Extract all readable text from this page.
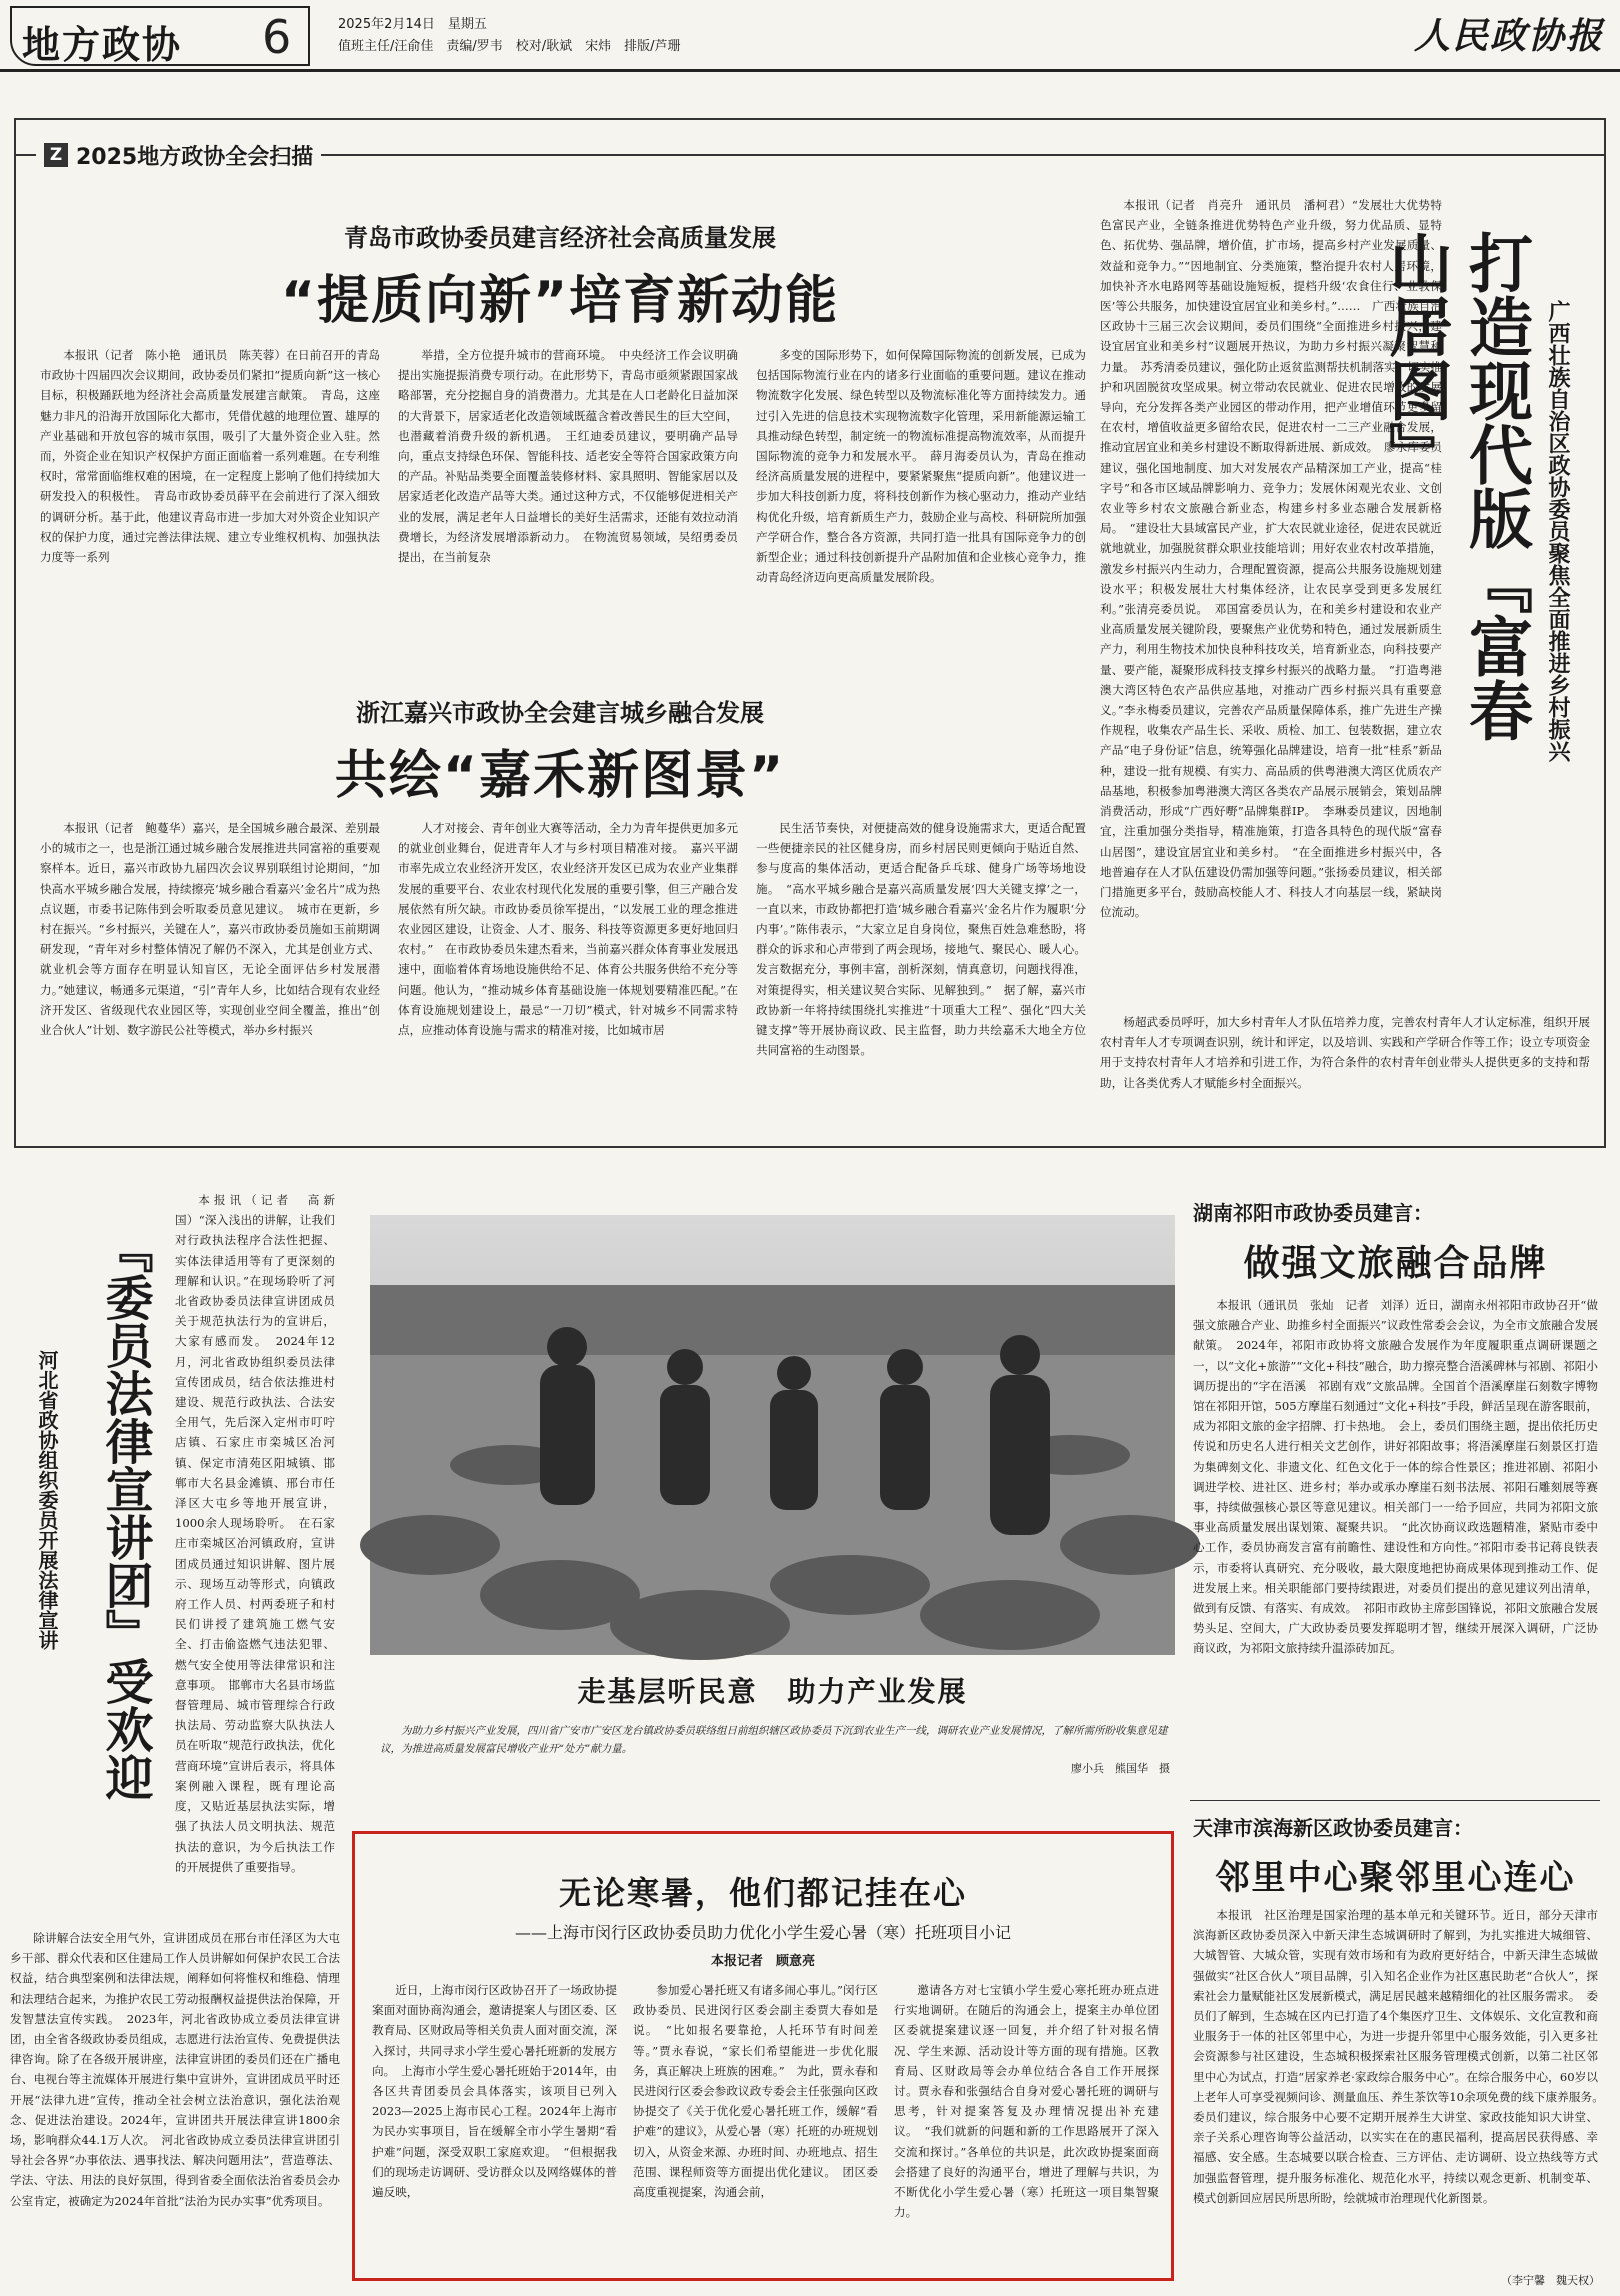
地方政协 6	2025年2月14日　星期五
值班主任/汪俞佳　责编/罗韦　校对/耿斌　宋炜　排版/芦珊	人民政协报
Z 2025地方政协全会扫描
青岛市政协委员建言经济社会高质量发展
“提质向新”培育新动能
本报讯（记者　陈小艳　通讯员　陈芙蓉）在日前召开的青岛市政协十四届四次会议期间，政协委员们紧扣“提质向新”这一核心目标，积极踊跃地为经济社会高质量发展建言献策。　青岛，这座魅力非凡的沿海开放国际化大都市，凭借优越的地理位置、雄厚的产业基础和开放包容的城市氛围，吸引了大量外资企业入驻。然而，外资企业在知识产权保护方面正面临着一系列难题。在专利维权时，常常面临维权难的困境，在一定程度上影响了他们持续加大研发投入的积极性。　青岛市政协委员薛平在会前进行了深入细致的调研分析。基于此，他建议青岛市进一步加大对外资企业知识产权的保护力度，通过完善法律法规、建立专业维权机构、加强执法力度等一系列
举措，全方位提升城市的营商环境。　中央经济工作会议明确提出实施提振消费专项行动。在此形势下，青岛市亟须紧跟国家战略部署，充分挖掘自身的消费潜力。尤其是在人口老龄化日益加深的大背景下，居家适老化改造领域既蕴含着改善民生的巨大空间，也潜藏着消费升级的新机遇。　王红迪委员建议，要明确产品导向，重点支持绿色环保、智能科技、适老安全等符合国家政策方向的产品。补贴品类要全面覆盖装修材料、家具照明、智能家居以及居家适老化改造产品等大类。通过这种方式，不仅能够促进相关产业的发展，满足老年人日益增长的美好生活需求，还能有效拉动消费增长，为经济发展增添新动力。　在物流贸易领域，吴绍勇委员提出，在当前复杂
多变的国际形势下，如何保障国际物流的创新发展，已成为包括国际物流行业在内的诸多行业面临的重要问题。建议在推动物流数字化发展、绿色转型以及物流标准化等方面持续发力。通过引入先进的信息技术实现物流数字化管理，采用新能源运输工具推动绿色转型，制定统一的物流标准提高物流效率，从而提升国际物流的竞争力和发展水平。　薛月海委员认为，青岛在推动经济高质量发展的进程中，要紧紧聚焦“提质向新”。他建议进一步加大科技创新力度，将科技创新作为核心驱动力，推动产业结构优化升级，培育新质生产力，鼓励企业与高校、科研院所加强产学研合作，整合各方资源，共同打造一批具有国际竞争力的创新型企业；通过科技创新提升产品附加值和企业核心竞争力，推动青岛经济迈向更高质量发展阶段。
浙江嘉兴市政协全会建言城乡融合发展
共绘“嘉禾新图景”
本报讯（记者　鲍蔓华）嘉兴，是全国城乡融合最深、差别最小的城市之一，也是浙江通过城乡融合发展推进共同富裕的重要观察样本。近日，嘉兴市政协九届四次会议界别联组讨论期间，“加快高水平城乡融合发展，持续擦亮‘城乡融合看嘉兴’金名片”成为热点议题，市委书记陈伟到会听取委员意见建议。　城市在更新，乡村在振兴。“乡村振兴，关键在人”，嘉兴市政协委员施如玉前期调研发现，“青年对乡村整体情况了解仍不深入，尤其是创业方式、就业机会等方面存在明显认知盲区，无论全面评估乡村发展潜力。”她建议，畅通多元渠道，“引”青年人乡，比如结合现有农业经济开发区、省级现代农业园区等，实现创业空间全覆盖，推出“创业合伙人”计划、数字游民公社等模式，举办乡村振兴
人才对接会、青年创业大赛等活动，全力为青年提供更加多元的就业创业舞台，促进青年人才与乡村项目精准对接。　嘉兴平湖市率先成立农业经济开发区，农业经济开发区已成为农业产业集群发展的重要平台、农业农村现代化发展的重要引擎，但三产融合发展依然有所欠缺。市政协委员徐军提出，“以发展工业的理念推进农业园区建设，让资金、人才、服务、科技等资源更多更好地回归农村。”　在市政协委员朱建杰看来，当前嘉兴群众体育事业发展迅速中，面临着体育场地设施供给不足、体育公共服务供给不充分等问题。他认为，“推动城乡体育基础设施一体规划要精准匹配。”在体育设施规划建设上，最忌“一刀切”模式，针对城乡不同需求特点，应推动体育设施与需求的精准对接，比如城市居
民生活节奏快，对便捷高效的健身设施需求大，更适合配置一些便捷亲民的社区健身房，而乡村居民则更倾向于贴近自然、参与度高的集体活动，更适合配备乒乓球、健身广场等场地设施。　“高水平城乡融合是嘉兴高质量发展‘四大关键支撑’之一，一直以来，市政协都把打造‘城乡融合看嘉兴’金名片作为履职‘分内事’。”陈伟表示，“大家立足自身岗位，聚焦百姓急难愁盼，将群众的诉求和心声带到了两会现场，接地气、聚民心、暖人心。发言数据充分，事例丰富，剖析深刻，情真意切，问题找得准，对策提得实，相关建议契合实际、见解独到。”　据了解，嘉兴市政协新一年将持续围绕扎实推进“十项重大工程”、强化“四大关键支撑”等开展协商议政、民主监督，助力共绘嘉禾大地全方位共同富裕的生动图景。
本报讯（记者　肖亮升　通讯员　潘柯君）“发展壮大优势特色富民产业，全链条推进优势特色产业升级，努力优品质、显特色、拓优势、强品牌，增价值，扩市场，提高乡村产业发展质量、效益和竞争力。”“因地制宜、分类施策，整治提升农村人居环境，加快补齐水电路网等基础设施短板，提档升级‘农食住行、业教保医’等公共服务，加快建设宜居宜业和美乡村。”……　广西壮族自治区政协十三届三次会议期间，委员们围绕“全面推进乡村振兴，建设宜居宜业和美乡村”议题展开热议，为助力乡村振兴凝聚智慧和力量。　苏秀清委员建议，强化防止返贫监测帮扶机制落实，切实推护和巩固脱贫攻坚成果。树立带动农民就业、促进农民增收的发展导向，充分发挥各类产业园区的带动作用，把产业增值环节更多留在农村，增值收益更多留给农民，促进农村一二三产业融合发展，推动宜居宜业和美乡村建设不断取得新进展、新成效。　廖永库委员建议，强化国地制度、加大对发展农产品精深加工产业，提高“桂字号”和各市区域品牌影响力、竞争力；发展休闲观光农业、文创农业等乡村农文旅融合新业态，构建乡村多业态融合发展新格局。　“建设壮大县域富民产业，扩大农民就业途径，促进农民就近就地就业，加强脱贫群众职业技能培训；用好农业农村改革措施，激发乡村振兴内生动力，合理配置资源，提高公共服务设施规划建设水平；积极发展壮大村集体经济，让农民享受到更多发展红利。”张清亮委员说。　邓国富委员认为，在和美乡村建设和农业产业高质量发展关键阶段，要聚焦产业优势和特色，通过发展新质生产力，利用生物技术加快良种科技攻关，培育新业态，向科技要产量、要产能，凝聚形成科技支撑乡村振兴的战略力量。　“打造粤港澳大湾区特色农产品供应基地，对推动广西乡村振兴具有重要意义。”李永梅委员建议，完善农产品质量保障体系，推广先进生产操作规程，收集农产品生长、采收、质检、加工、包装数据，建立农产品“电子身份证”信息，统筹强化品牌建设，培育一批“桂系”新品种，建设一批有规模、有实力、高品质的供粤港澳大湾区优质农产品基地，积极参加粤港澳大湾区各类农产品展示展销会，策划品牌消费活动，形成“广西好嘢”品牌集群IP。　李琳委员建议，因地制宜，注重加强分类指导，精准施策，打造各具特色的现代版“富春山居图”，建设宜居宜业和美乡村。　“在全面推进乡村振兴中，各地普遍存在人才队伍建设仍需加强等问题。”张扬委员建议，相关部门措施更多平台，鼓励高校能人才、科技人才向基层一线，紧缺岗位流动。
打造现代版『富春山居图』	广西壮族自治区政协委员聚焦全面推进乡村振兴
杨超武委员呼吁，加大乡村青年人才队伍培养力度，完善农村青年人才认定标准，组织开展农村青年人才专项调查识别，统计和评定，以及培训、实践和产学研合作等工作；设立专项资金用于支持农村青年人才培养和引进工作，为符合条件的农村青年创业带头人提供更多的支持和帮助，让各类优秀人才赋能乡村全面振兴。
『委员法律宣讲团』受欢迎
河北省政协组织委员开展法律宣讲
本报讯（记者　高新国）“深入浅出的讲解，让我们对行政执法程序合法性把握、实体法律适用等有了更深刻的理解和认识。”在现场聆听了河北省政协委员法律宣讲团成员关于规范执法行为的宣讲后，大家有感而发。　2024年12月，河北省政协组织委员法律宣传团成员，结合依法推进村建设、规范行政执法、合法安全用气，先后深入定州市叮咛店镇、石家庄市栾城区冶河镇、保定市清苑区阳城镇、邯郸市大名县金滩镇、邢台市任泽区大屯乡等地开展宣讲，1000余人现场聆听。　在石家庄市栾城区冶河镇政府，宣讲团成员通过知识讲解、图片展示、现场互动等形式，向镇政府工作人员、村两委班子和村民们讲授了建筑施工燃气安全、打击偷盗燃气违法犯罪、燃气安全使用等法律常识和注意事项。　邯郸市大名县市场监督管理局、城市管理综合行政执法局、劳动监察大队执法人员在听取“规范行政执法，优化营商环境”宣讲后表示，将具体案例融入课程，既有理论高度，又贴近基层执法实际，增强了执法人员文明执法、规范执法的意识，为今后执法工作的开展提供了重要指导。
除讲解合法安全用气外，宣讲团成员在邢台市任泽区为大屯乡干部、群众代表和区住建局工作人员讲解如何保护农民工合法权益，结合典型案例和法律法规，阐释如何将惟权和维稳、情理和法理结合起来，为推护农民工劳动报酬权益提供法治保障，开发智慧法宣传实践。　2023年，河北省政协成立委员法律宣讲团，由全省各级政协委员组成，志愿进行法治宣传、免费提供法律咨询。除了在各级开展讲座，法律宣讲团的委员们还在广播电台、电视台等主流媒体开展进行集中宣讲外，宣讲团成员平时还开展“法律九进”宣传，推动全社会树立法治意识，强化法治观念、促进法治建设。2024年，宣讲团共开展法律宣讲1800余场，影响群众44.1万人次。　河北省政协成立委员法律宣讲团引导社会各界“办事依法、遇事找法、解决问题用法”，营造尊法、学法、守法、用法的良好氛围，得到省委全面依法治省委员会办公室肯定，被确定为2024年首批“法治为民办实事”优秀项目。
走基层听民意　助力产业发展
为助力乡村振兴产业发展，四川省广安市广安区龙台镇政协委员联络组日前组织辖区政协委员下沉到农业生产一线，调研农业产业发展情况，了解所需所盼收集意见建议，为推进高质量发展富民增收产业开“处方”献力量。
廖小兵　熊国华　摄
湖南祁阳市政协委员建言：
做强文旅融合品牌
本报讯（通讯员　张灿　记者　刘泽）近日，湖南永州祁阳市政协召开“做强文旅融合产业、助推乡村全面振兴”议政性常委会会议，为全市文旅融合发展献策。　2024年，祁阳市政协将文旅融合发展作为年度履职重点调研课题之一，以“文化+旅游”“文化+科技”融合，助力擦亮整合浯溪碑林与祁剧、祁阳小调历提出的“字在浯溪　祁剧有戏”文旅品牌。全国首个浯溪摩崖石刻数字博物馆在祁阳开馆，505方摩崖石刻通过“文化+科技”手段，鲜活呈现在游客眼前，成为祁阳文旅的金字招牌、打卡热地。　会上，委员们围绕主题，提出依托历史传说和历史名人进行相关文艺创作，讲好祁阳故事；将浯溪摩崖石刻景区打造为集碑刻文化、非遗文化、红色文化于一体的综合性景区；推进祁剧、祁阳小调进学校、进社区、进乡村；举办或承办摩崖石刻书法展、祁阳石雕刻展等赛事，持续做强核心景区等意见建议。相关部门一一给予回应，共同为祁阳文旅事业高质量发展出谋划策、凝聚共识。　“此次协商议政选题精准，紧贴市委中心工作，委员协商发言富有前瞻性、建设性和方向性。”祁阳市委书记蒋良铁表示，市委将认真研究、充分吸收，最大限度地把协商成果体现到推动工作、促进发展上来。相关职能部门要持续跟进，对委员们提出的意见建议列出清单，做到有反馈、有落实、有成效。　祁阳市政协主席彭国锋说，祁阳文旅融合发展势头足、空间大，广大政协委员要发挥聪明才智，继续开展深入调研，广泛协商议政，为祁阳文旅持续升温添砖加瓦。
天津市滨海新区政协委员建言：
邻里中心聚邻里心连心
本报讯　社区治理是国家治理的基本单元和关键环节。近日，部分天津市滨海新区政协委员深入中新天津生态城调研时了解到，为扎实推进大城细管、大城智管、大城众管，实现有效市场和有为政府更好结合，中新天津生态城做强做实“社区合伙人”项目品牌，引入知名企业作为社区惠民助老“合伙人”，探索社会力量赋能社区发展新模式，满足居民越来越精细化的社区服务需求。　委员们了解到，生态城在区内已打造了4个集医疗卫生、文体娱乐、文化宣教和商业服务于一体的社区邻里中心，为进一步提升邻里中心服务效能，引入更多社会资源参与社区建设，生态城积极探索社区服务管理模式创新，以第二社区邻里中心为试点，打造“居家养老·家政综合服务中心”。在综合服务中心，60岁以上老年人可享受视频问诊、测量血压、养生茶饮等10余项免费的线下康养服务。　委员们建议，综合服务中心要不定期开展养生大讲堂、家政技能知识大讲堂、亲子关系心理咨询等公益活动，以实实在在的惠民福利，提高居民获得感、幸福感、安全感。生态城要以联合检查、三方评估、走访调研、设立热线等方式加强监督管理，提升服务标准化、规范化水平，持续以观念更新、机制变革、模式创新回应居民所思所盼，绘就城市治理现代化新图景。
（李宁馨　魏天权）
无论寒暑，他们都记挂在心
——上海市闵行区政协委员助力优化小学生爱心暑（寒）托班项目小记
本报记者　顾意亮
近日，上海市闵行区政协召开了一场政协提案面对面协商沟通会，邀请提案人与团区委、区教育局、区财政局等相关负责人面对面交流，深入探讨，共同寻求小学生爱心暑托班新的发展方向。　上海市小学生爱心暑托班始于2014年，由各区共青团委员会具体落实，该项目已列入2023—2025上海市民心工程。2024年上海市为民办实事项目，旨在缓解全市小学生暑期“看护难”问题，深受双职工家庭欢迎。　“但根据我们的现场走访调研、受访群众以及网络媒体的普遍反映，
参加爱心暑托班又有诸多闹心事儿。”闵行区政协委员、民进闵行区委会副主委贾大春如是说。　“比如报名要靠抢，人托环节有时间差等。”贾永春说，“家长们希望能进一步优化服务，真正解决上班族的困难。”　为此，贾永春和民进闵行区委会参政议政专委会主任张强向区政协提交了《关于优化爱心暑托班工作，缓解“看护难”的建议》，从爱心暑（寒）托班的办班规划切入，从资金来源、办班时间、办班地点、招生范围、课程师资等方面提出优化建议。　团区委高度重视提案，沟通会前，
邀请各方对七宝镇小学生爱心寒托班办班点进行实地调研。在随后的沟通会上，提案主办单位团区委就提案建议逐一回复，并介绍了针对报名情况、学生来源、活动设计等方面的现有措施。区教育局、区财政局等会办单位结合各自工作开展探讨。贾永春和张强结合自身对爱心暑托班的调研与思考，针对提案答复及办理情况提出补充建议。　“我们就新的问题和新的工作思路展开了深入交流和探讨。”各单位的共识是，此次政协提案面商会搭建了良好的沟通平台，增进了理解与共识，为不断优化小学生爱心暑（寒）托班这一项目集智聚力。
